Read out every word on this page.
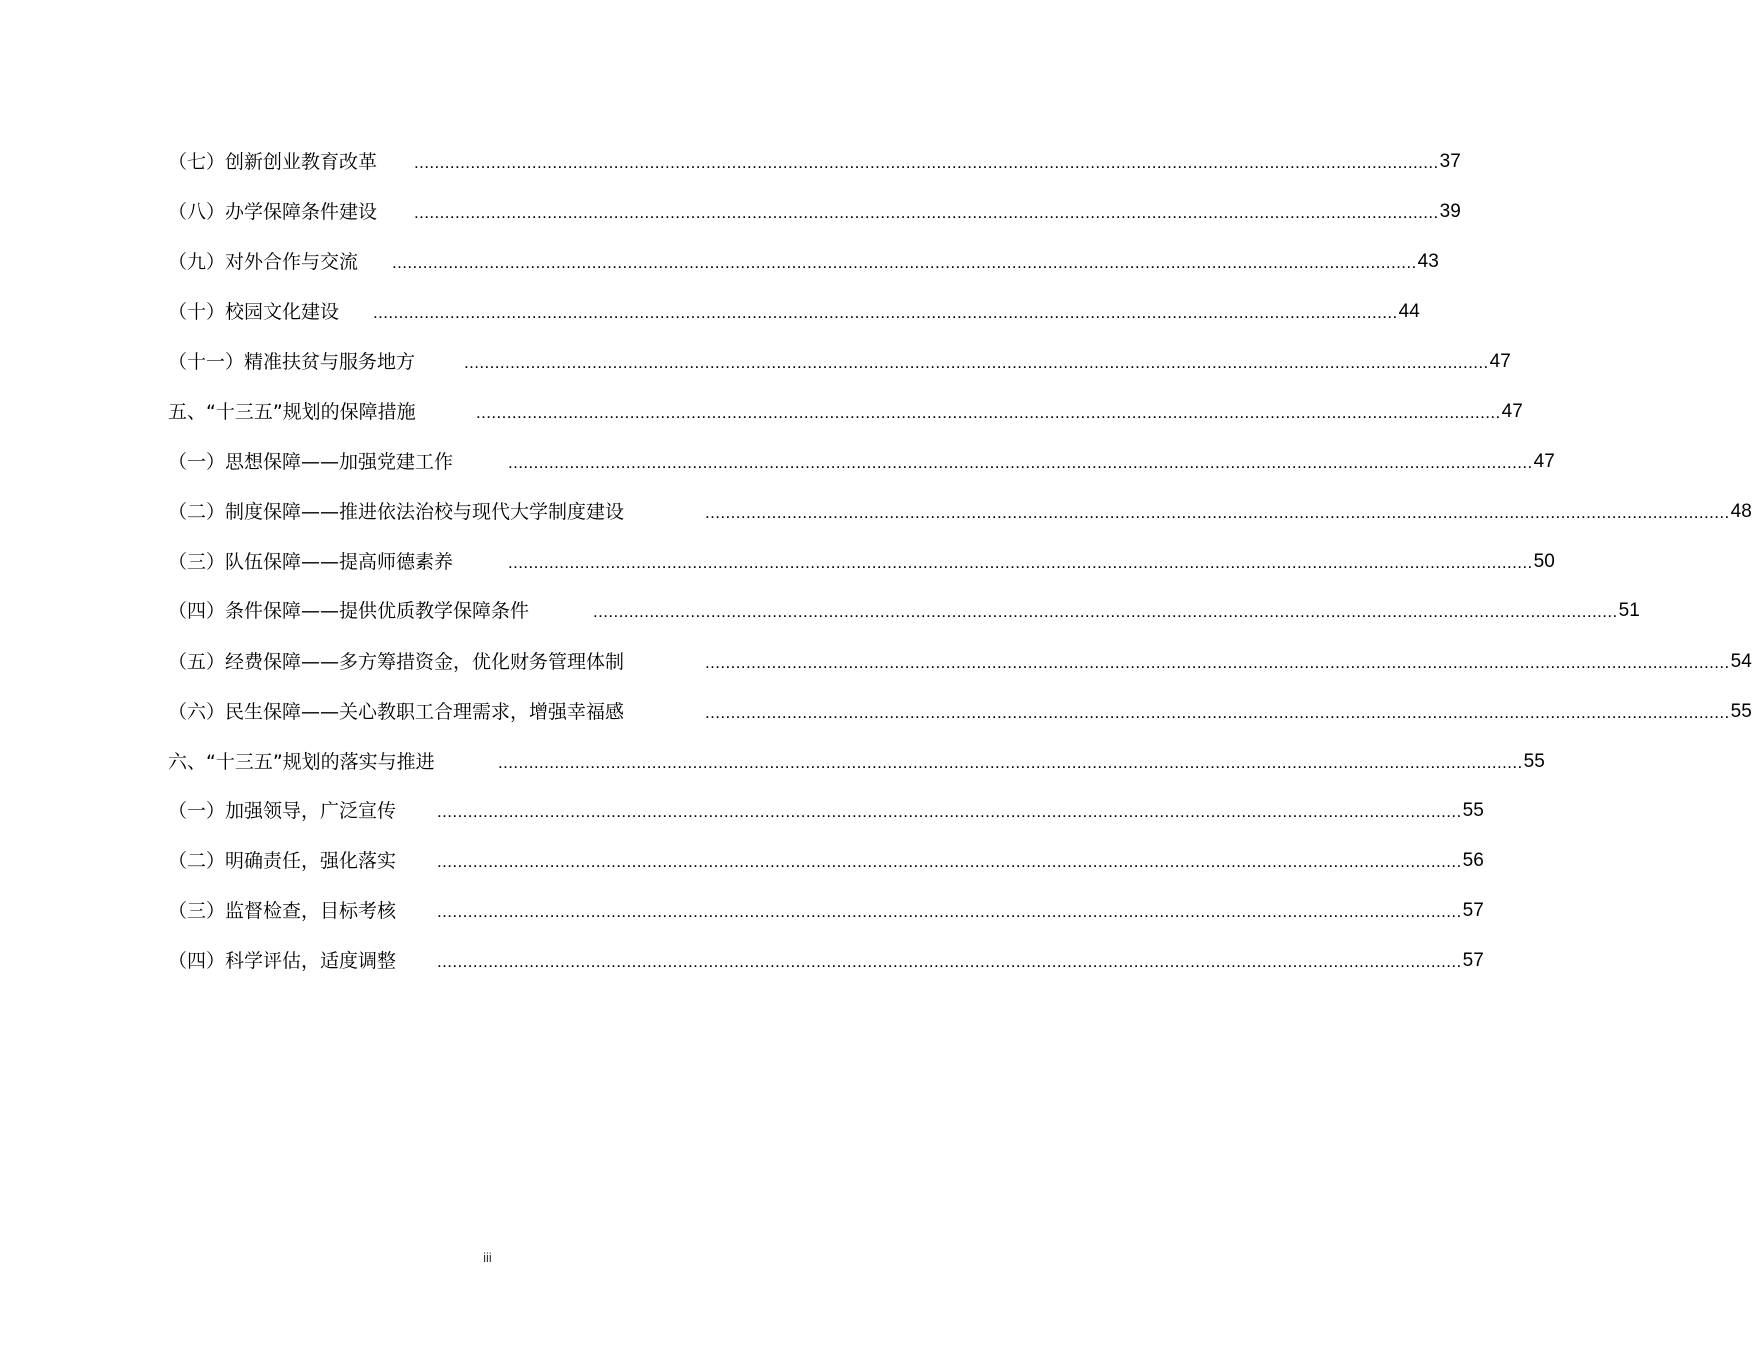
（七）创新创业教育改革	........................................................................................................................................................................................................ 37
（八）办学保障条件建设	........................................................................................................................................................................................................ 39
（九）对外合作与交流	........................................................................................................................................................................................................ 43
（十）校园文化建设	........................................................................................................................................................................................................ 44
（十一）精准扶贫与服务地方	........................................................................................................................................................................................................ 47
五、“十三五”规划的保障措施	........................................................................................................................................................................................................ 47
（一）思想保障——加强党建工作	........................................................................................................................................................................................................ 47
（二）制度保障——推进依法治校与现代大学制度建设	........................................................................................................................................................................................................ 48
（三）队伍保障——提高师德素养	........................................................................................................................................................................................................ 50
（四）条件保障——提供优质教学保障条件	........................................................................................................................................................................................................ 51
（五）经费保障——多方筹措资金，优化财务管理体制	........................................................................................................................................................................................................ 54
（六）民生保障——关心教职工合理需求，增强幸福感	........................................................................................................................................................................................................ 55
六、“十三五”规划的落实与推进	........................................................................................................................................................................................................ 55
（一）加强领导，广泛宣传	........................................................................................................................................................................................................ 55
（二）明确责任，强化落实	........................................................................................................................................................................................................ 56
（三）监督检查，目标考核	........................................................................................................................................................................................................ 57
（四）科学评估，适度调整	........................................................................................................................................................................................................ 57
iii
